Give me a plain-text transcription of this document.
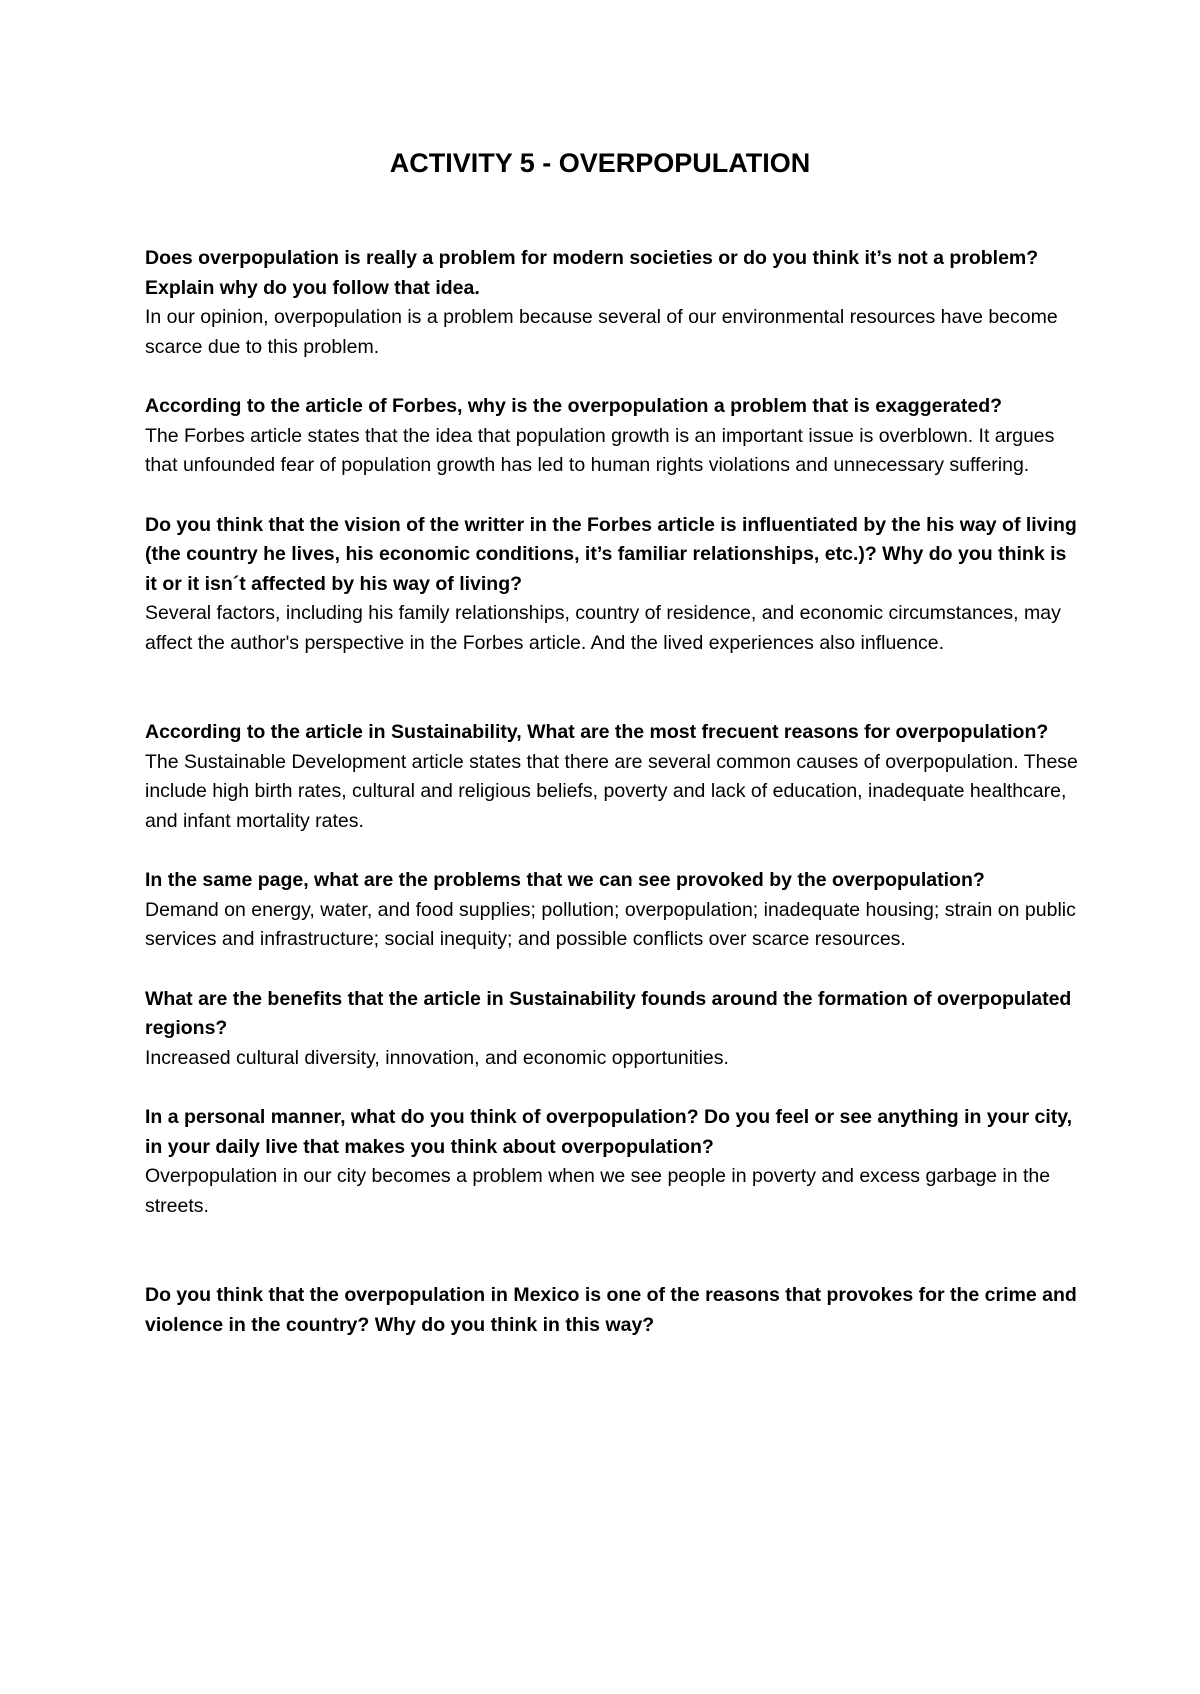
ACTIVITY 5 - OVERPOPULATION

Does overpopulation is really a problem for modern societies or do you think it’s not a problem? Explain why do you follow that idea.

In our opinion, overpopulation is a problem because several of our environmental resources have become scarce due to this problem.

According to the article of Forbes, why is the overpopulation a problem that is exaggerated?

The Forbes article states that the idea that population growth is an important issue is overblown. It argues that unfounded fear of population growth has led to human rights violations and unnecessary suffering.

Do you think that the vision of the writter in the Forbes article is influentiated by the his way of living (the country he lives, his economic conditions, it’s familiar relationships, etc.)? Why do you think is it or it isn´t affected by his way of living?

Several factors, including his family relationships, country of residence, and economic circumstances, may affect the author's perspective in the Forbes article. And the lived experiences also influence.

According to the article in Sustainability, What are the most frecuent reasons for overpopulation?

The Sustainable Development article states that there are several common causes of overpopulation. These include high birth rates, cultural and religious beliefs, poverty and lack of education, inadequate healthcare, and infant mortality rates.

In the same page, what are the problems that we can see provoked by the overpopulation?

Demand on energy, water, and food supplies; pollution; overpopulation; inadequate housing; strain on public services and infrastructure; social inequity; and possible conflicts over scarce resources.

What are the benefits that the article in Sustainability founds around the formation of overpopulated regions?

Increased cultural diversity, innovation, and economic opportunities.

In a personal manner, what do you think of overpopulation? Do you feel or see anything in your city, in your daily live that makes you think about overpopulation?

Overpopulation in our city becomes a problem when we see people in poverty and excess garbage in the streets.

Do you think that the overpopulation in Mexico is one of the reasons that provokes for the crime and violence in the country? Why do you think in this way?
